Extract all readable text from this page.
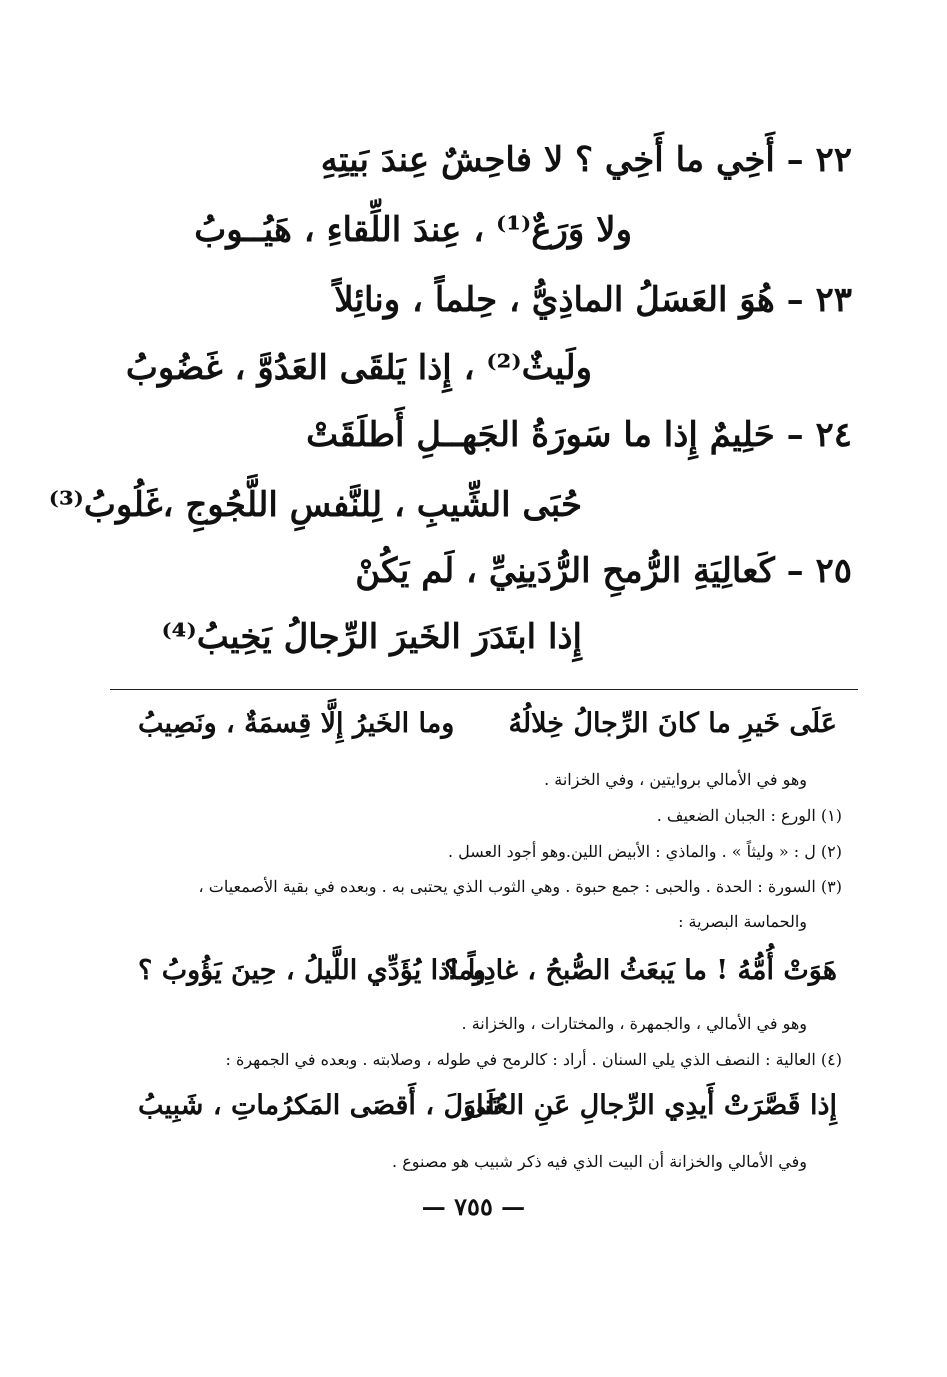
٢٢ – أَخِي ما أَخِي ؟ لا فاحِشٌ عِندَ بَيتِهِ
ولا وَرَعٌ⁽¹⁾ ، عِندَ اللِّقاءِ ، هَيُــوبُ
٢٣ – هُوَ العَسَلُ الماذِيُّ ، حِلماً ، ونائِلاً
ولَيثٌ⁽²⁾ ، إِذا يَلقَى العَدُوَّ ، غَضُوبُ
٢٤ – حَلِيمٌ إِذا ما سَورَةُ الجَهــلِ أَطلَقَتْ
حُبَى الشِّيبِ ، لِلنَّفسِ اللَّجُوجِ ،غَلُوبُ⁽³⁾
٢٥ – كَعالِيَةِ الرُّمحِ الرُّدَينِيِّ ، لَم يَكُنْ
إِذا ابتَدَرَ الخَيرَ الرِّجالُ يَخِيبُ⁽⁴⁾
عَلَى خَيرِ ما كانَ الرِّجالُ خِلالُهُ
وما الخَيرُ إِلَّا قِسمَةٌ ، ونَصِيبُ
وهو في الأمالي بروايتين ، وفي الخزانة .
(١) الورع : الجبان الضعيف .
(٢) ل : « وليثاً » . والماذي : الأبيض اللين.وهو أجود العسل .
(٣) السورة : الحدة . والحبى : جمع حبوة . وهي الثوب الذي يحتبى به . وبعده في بقية الأصمعيات ،
والحماسة البصرية :
هَوَتْ أُمُّهُ ! ما يَبعَثُ الصُّبحُ ، غادِياً ؟
وماذا يُؤَدِّي اللَّيلُ ، حِينَ يَؤُوبُ ؟
وهو في الأمالي ، والجمهرة ، والمختارات ، والخزانة .
(٤) العالية : النصف الذي يلي السنان . أراد : كالرمح في طوله ، وصلابته . وبعده في الجمهرة :
إِذا قَصَّرَتْ أَيدِي الرِّجالِ عَنِ العُلَى
تَناوَلَ ، أَقصَى المَكرُماتِ ، شَبِيبُ
وفي الأمالي والخزانة أن البيت الذي فيه ذكر شبيب هو مصنوع .
— ٧٥٥ —
